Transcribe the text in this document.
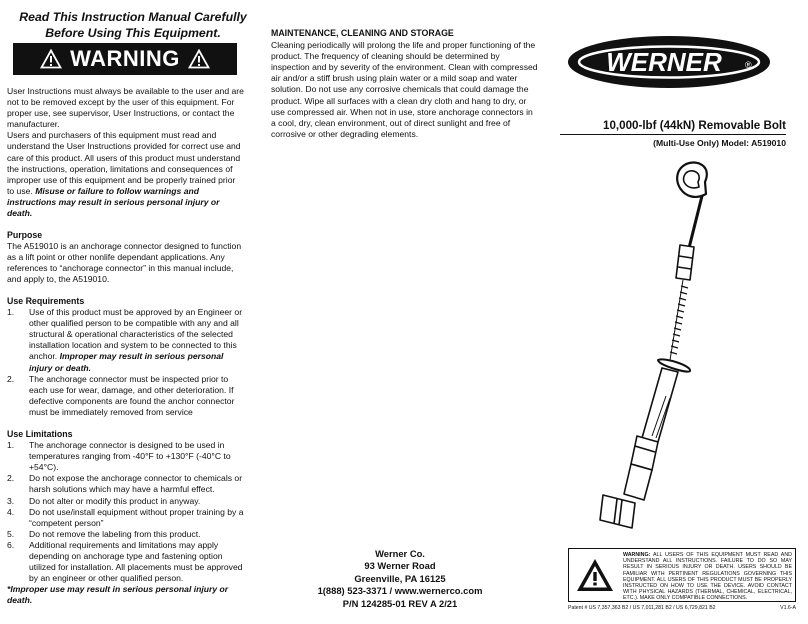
Read This Instruction Manual Carefully Before Using This Equipment.
WARNING

User Instructions must always be available to the user and are not to be removed except by the user of this equipment. For proper use, see supervisor, User Instructions, or contact the manufacturer.

Users and purchasers of this equipment must read and understand the User Instructions provided for correct use and care of this product. All users of this product must understand the instructions, operation, limitations and consequences of improper use of this equipment and be properly trained prior to use. Misuse or failure to follow warnings and instructions may result in serious personal injury or death.

Purpose

The A519010 is an anchorage connector designed to function as a lift point or other nonlife dependant applications. Any references to “anchorage connector” in this manual include, and apply to, the A519010.

Use Requirements
1.	Use of this product must be approved by an Engineer or other qualified person to be compatible with any and all structural & operational characteristics of the selected installation location and system to be connected to this anchor. Improper may result in serious personal injury or death.
2.	The anchorage connector must be inspected prior to each use for wear, damage, and other deterioration. If defective components are found the anchor connector must be immediately removed from service
Use Limitations
1.	The anchorage connector is designed to be used in temperatures ranging from -40°F to +130°F (-40°C to +54°C).
2.	Do not expose the anchorage connector to chemicals or harsh solutions which may have a harmful effect.
3.	Do not alter or modify this product in anyway.
4.	Do not use/install equipment without proper training by a “competent person”
5.	Do not remove the labeling from this product.
6.	Additional requirements and limitations may apply depending on anchorage type and fastening option utilized for installation. All placements must be approved by an engineer or other qualified person.

*Improper use may result in serious personal injury or death.

MAINTENANCE, CLEANING AND STORAGE

Cleaning periodically will prolong the life and proper functioning of the product. The frequency of cleaning should be determined by inspection and by severity of the environment. Clean with compressed air and/or a stiff brush using plain water or a mild soap and water solution. Do not use any corrosive chemicals that could damage the product. Wipe all surfaces with a clean dry cloth and hang to dry, or use compressed air. When not in use, store anchorage connectors in a cool, dry, clean environment, out of direct sunlight and free of corrosive or other degrading elements.

Werner Co.
93 Werner Road
Greenville, PA 16125
1(888) 523-3371 / www.wernerco.com
P/N 124285-01 REV A 2/21
WERNER	®
10,000-lbf (44kN) Removable Bolt
(Multi-Use Only) Model: A519010
WARNING: ALL USERS OF THIS EQUIPMENT MUST READ AND UNDERSTAND ALL INSTRUCTIONS. FAILURE TO DO SO MAY RESULT IN SERIOUS INJURY OR DEATH. USERS SHOULD BE FAMILIAR WITH PERTINENT REGULATIONS GOVERNING THIS EQUIPMENT. ALL USERS OF THIS PRODUCT MUST BE PROPERLY INSTRUCTED ON HOW TO USE THE DEVICE. AVOID CONTACT WITH PHYSICAL HAZARDS (THERMAL, CHEMICAL, ELECTRICAL, ETC.). MAKE ONLY COMPATIBLE CONNECTIONS.
Patent # US 7,357,363 B2 / US 7,011,281 B2 / US 6,729,821 B2	V1.6-A
